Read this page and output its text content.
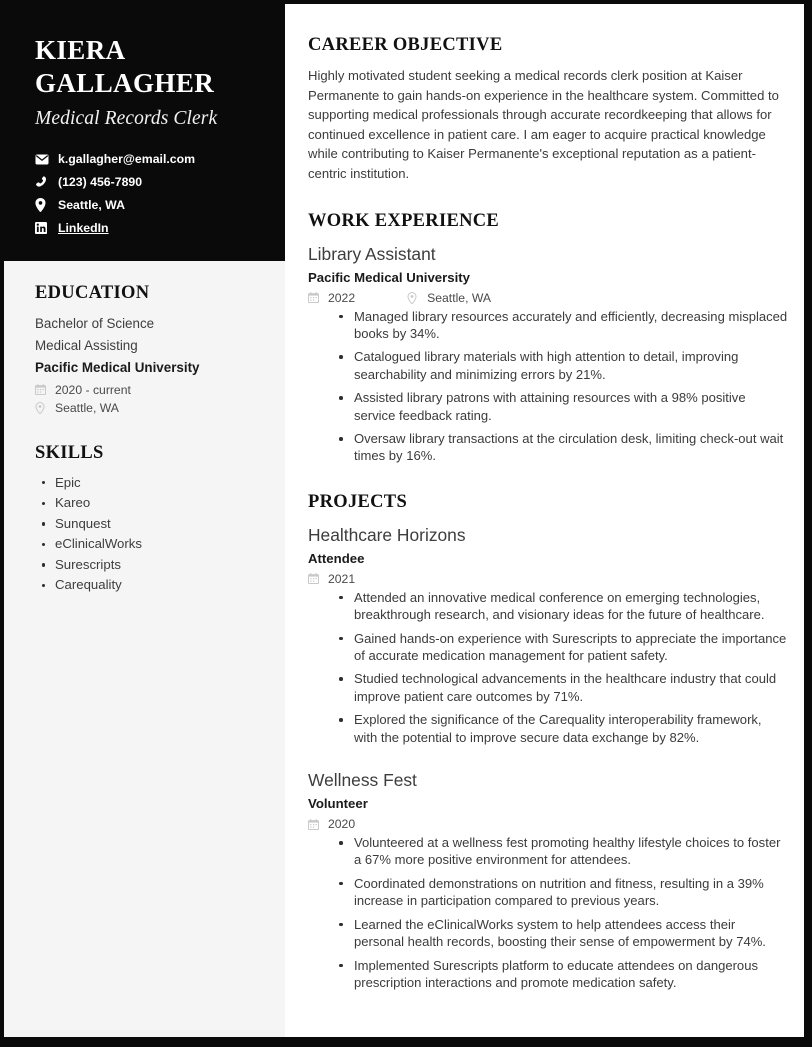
KIERA
GALLAGHER
Medical Records Clerk
k.gallagher@email.com
(123) 456-7890
Seattle, WA
LinkedIn
EDUCATION
Bachelor of Science
Medical Assisting
Pacific Medical University
2020 - current
Seattle, WA
SKILLS
Epic
Kareo
Sunquest
eClinicalWorks
Surescripts
Carequality
CAREER OBJECTIVE

Highly motivated student seeking a medical records clerk position at Kaiser Permanente to gain hands-on experience in the healthcare system. Committed to supporting medical professionals through accurate recordkeeping that allows for continued excellence in patient care. I am eager to acquire practical knowledge while contributing to Kaiser Permanente's exceptional reputation as a patient-centric institution.

WORK EXPERIENCE
Library Assistant
Pacific Medical University
2022	Seattle, WA
Managed library resources accurately and efficiently, decreasing misplaced books by 34%.
Catalogued library materials with high attention to detail, improving searchability and minimizing errors by 21%.
Assisted library patrons with attaining resources with a 98% positive service feedback rating.
Oversaw library transactions at the circulation desk, limiting check-out wait times by 16%.
PROJECTS
Healthcare Horizons
Attendee
2021
Attended an innovative medical conference on emerging technologies, breakthrough research, and visionary ideas for the future of healthcare.
Gained hands-on experience with Surescripts to appreciate the importance of accurate medication management for patient safety.
Studied technological advancements in the healthcare industry that could improve patient care outcomes by 71%.
Explored the significance of the Carequality interoperability framework, with the potential to improve secure data exchange by 82%.
Wellness Fest
Volunteer
2020
Volunteered at a wellness fest promoting healthy lifestyle choices to foster a 67% more positive environment for attendees.
Coordinated demonstrations on nutrition and fitness, resulting in a 39% increase in participation compared to previous years.
Learned the eClinicalWorks system to help attendees access their personal health records, boosting their sense of empowerment by 74%.
Implemented Surescripts platform to educate attendees on dangerous prescription interactions and promote medication safety.
